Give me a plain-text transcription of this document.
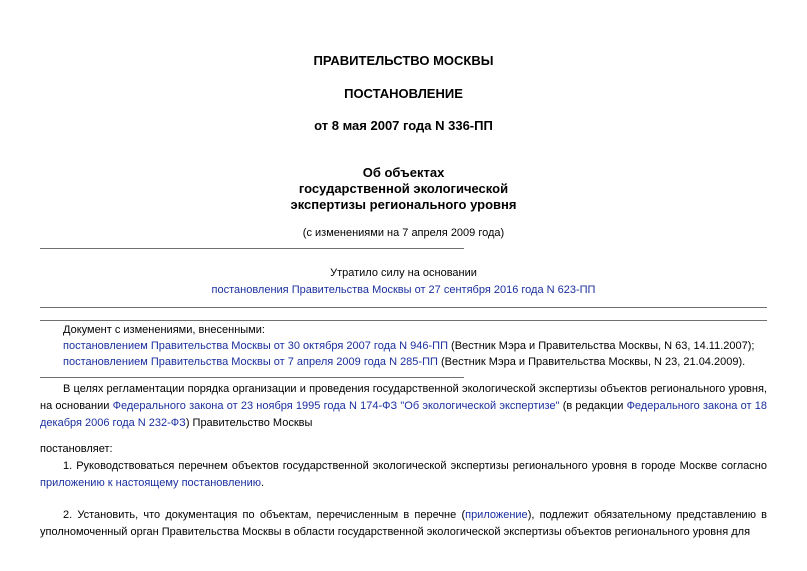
ПРАВИТЕЛЬСТВО МОСКВЫ
ПОСТАНОВЛЕНИЕ
от 8 мая 2007 года N 336-ПП
Об объектах
государственной экологической
экспертизы регионального уровня
(с изменениями на 7 апреля 2009 года)
Утратило силу на основании
постановления Правительства Москвы от 27 сентября 2016 года N 623-ПП
Документ с изменениями, внесенными:
постановлением Правительства Москвы от 30 октября 2007 года N 946-ПП (Вестник Мэра и Правительства Москвы, N 63, 14.11.2007);
постановлением Правительства Москвы от 7 апреля 2009 года N 285-ПП (Вестник Мэра и Правительства Москвы, N 23, 21.04.2009).
В целях регламентации порядка организации и проведения государственной экологической экспертизы объектов регионального уровня, на основании Федерального закона от 23 ноября 1995 года N 174-ФЗ "Об экологической экспертизе" (в редакции Федерального закона от 18 декабря 2006 года N 232-ФЗ) Правительство Москвы
постановляет:
1. Руководствоваться перечнем объектов государственной экологической экспертизы регионального уровня в городе Москве согласно приложению к настоящему постановлению.
2. Установить, что документация по объектам, перечисленным в перечне (приложение), подлежит обязательному представлению в уполномоченный орган Правительства Москвы в области государственной экологической экспертизы объектов регионального уровня для
